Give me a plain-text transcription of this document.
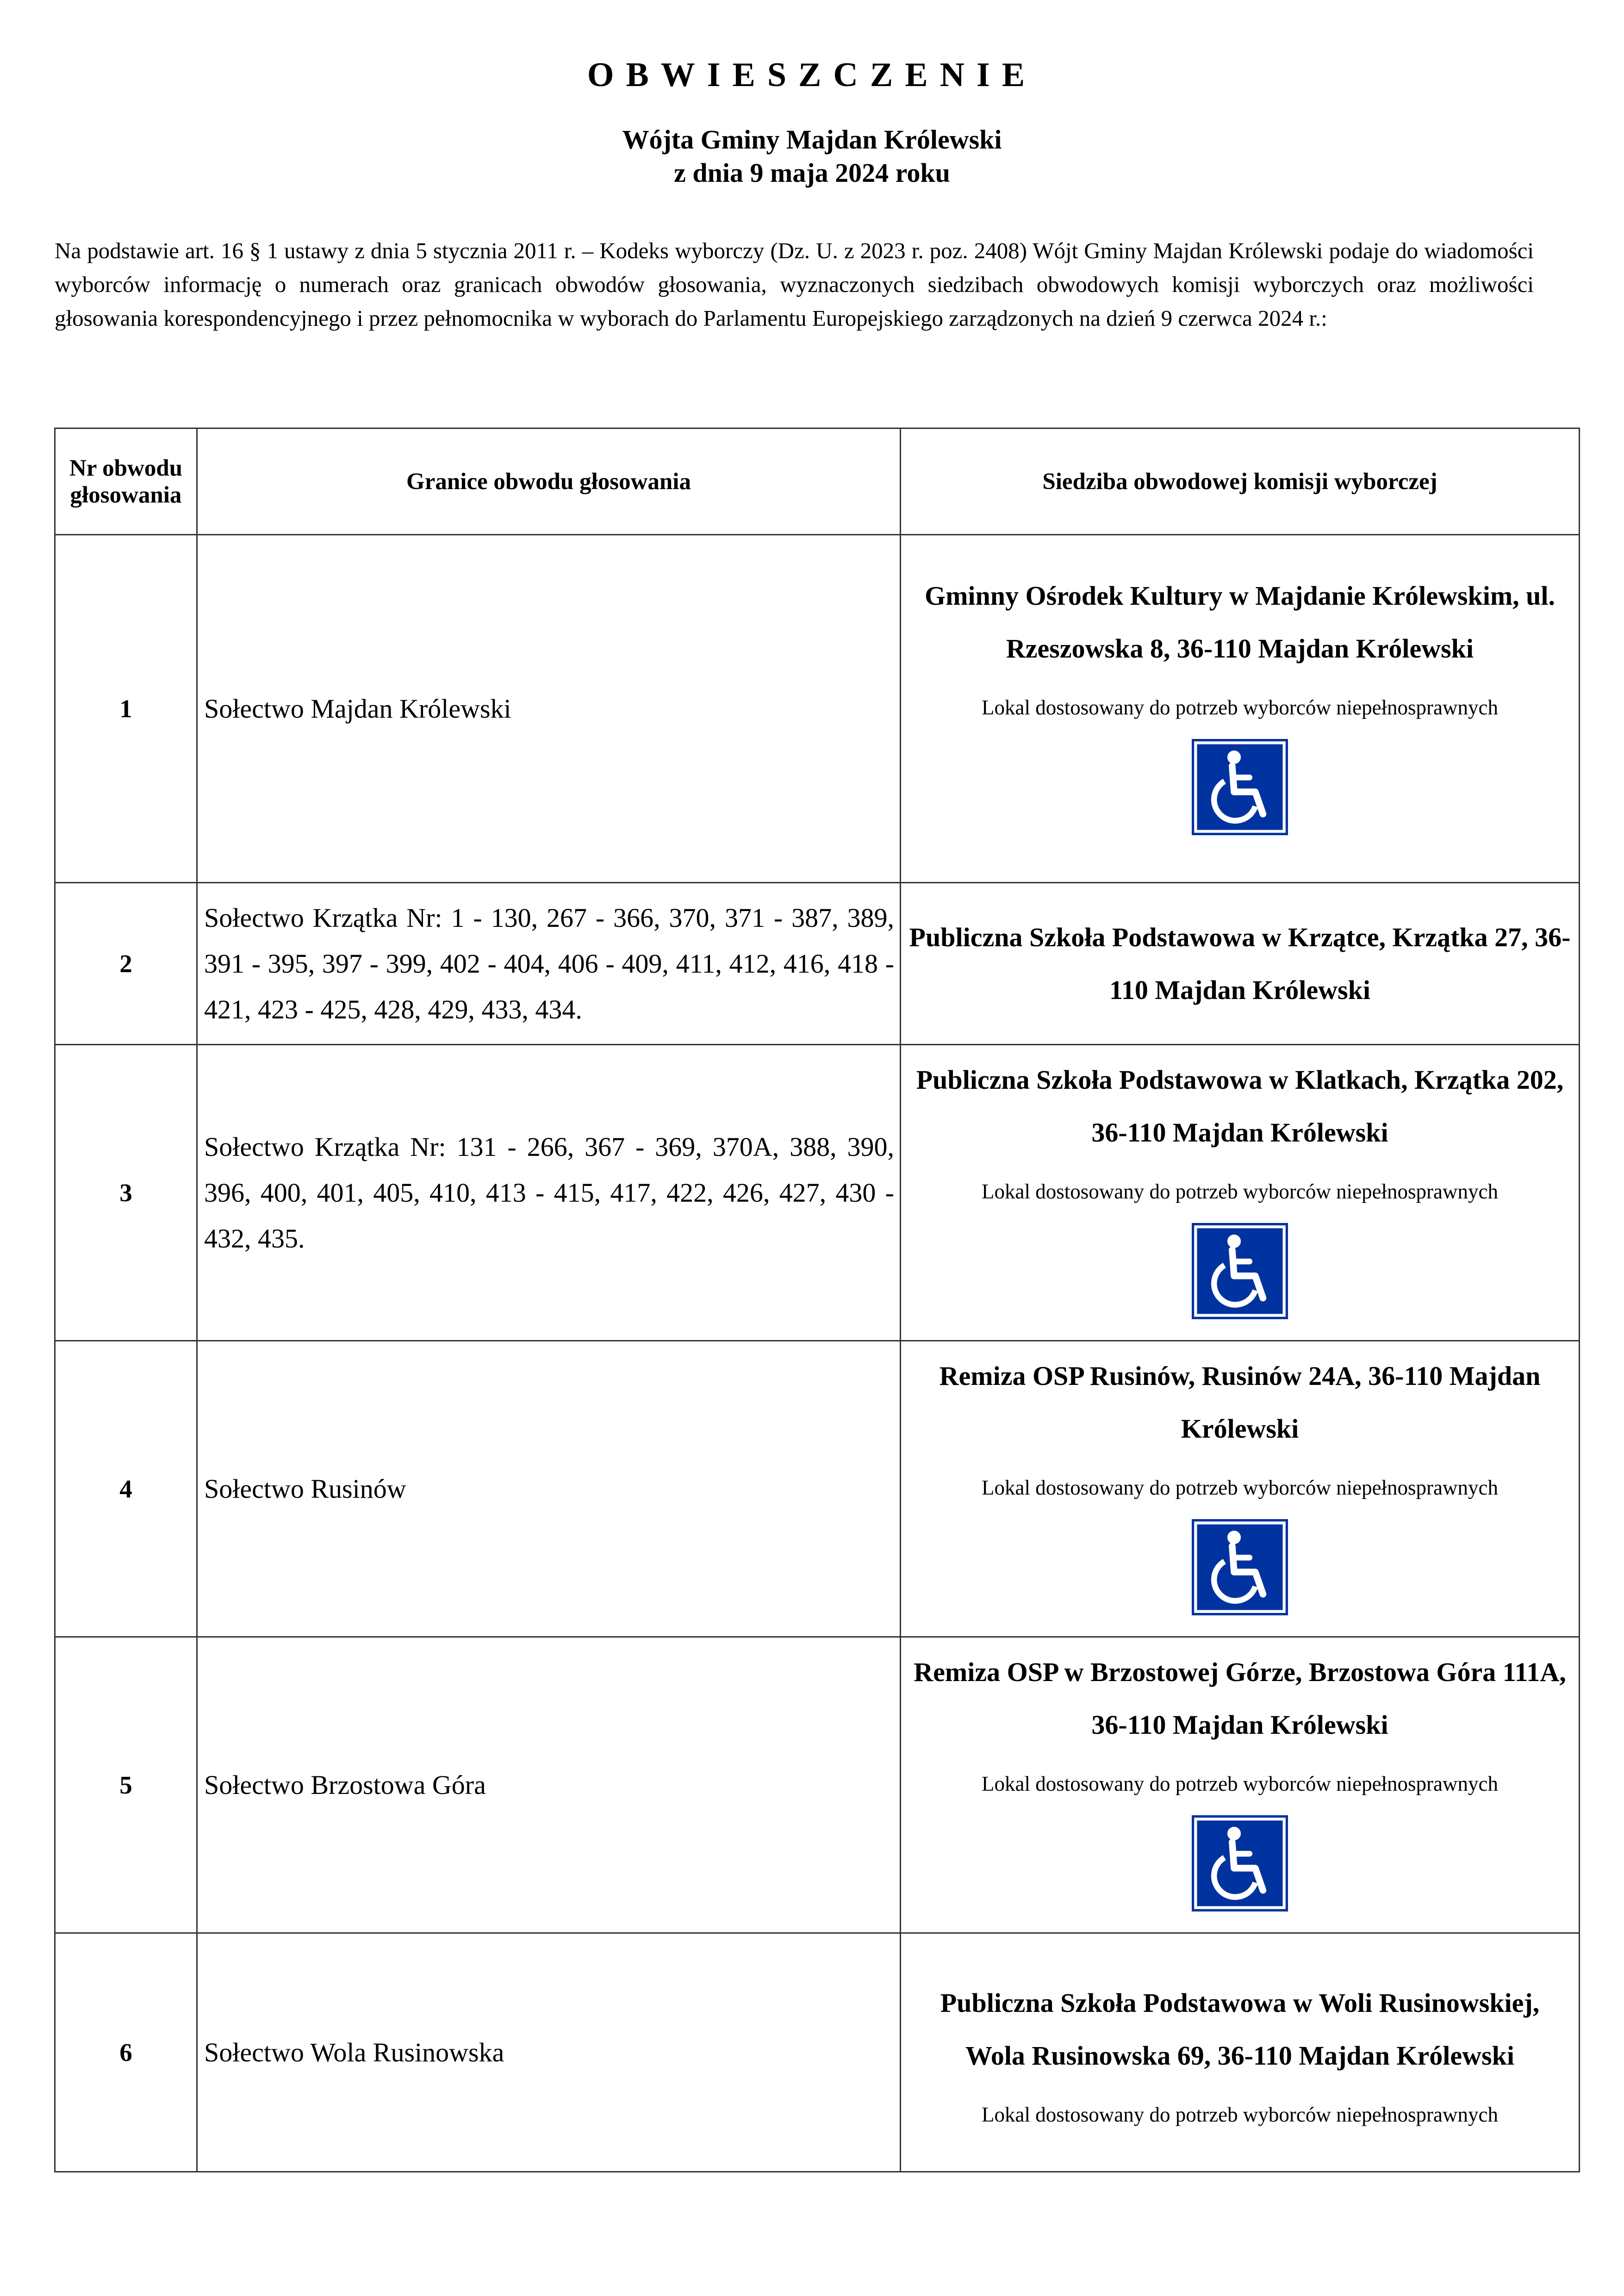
OBWIESZCZENIE
Wójta Gminy Majdan Królewski
z dnia 9 maja 2024 roku
Na podstawie art. 16 § 1 ustawy z dnia 5 stycznia 2011 r. – Kodeks wyborczy (Dz. U. z 2023 r. poz. 2408) Wójt Gminy Majdan Królewski podaje do wiadomości wyborców informację o numerach oraz granicach obwodów głosowania, wyznaczonych siedzibach obwodowych komisji wyborczych oraz możliwości głosowania korespondencyjnego i przez pełnomocnika w wyborach do Parlamentu Europejskiego zarządzonych na dzień 9 czerwca 2024 r.:
Nr obwodu głosowania	Granice obwodu głosowania	Siedziba obwodowej komisji wyborczej
1	Sołectwo Majdan Królewski	Gminny Ośrodek Kultury w Majdanie Królewskim, ul. Rzeszowska 8, 36-110 Majdan Królewski
Lokal dostosowany do potrzeb wyborców niepełnosprawnych

2	Sołectwo Krzątka Nr: 1 - 130, 267 - 366, 370, 371 - 387, 389, 391 - 395, 397 - 399, 402 - 404, 406 - 409, 411, 412, 416, 418 - 421, 423 - 425, 428, 429, 433, 434.	Publiczna Szkoła Podstawowa w Krzątce, Krzątka 27, 36-110 Majdan Królewski

3	Sołectwo Krzątka Nr: 131 - 266, 367 - 369, 370A, 388, 390, 396, 400, 401, 405, 410, 413 - 415, 417, 422, 426, 427, 430 - 432, 435.	Publiczna Szkoła Podstawowa w Klatkach, Krzątka 202, 36-110 Majdan Królewski
Lokal dostosowany do potrzeb wyborców niepełnosprawnych

4	Sołectwo Rusinów	Remiza OSP Rusinów, Rusinów 24A, 36-110 Majdan Królewski
Lokal dostosowany do potrzeb wyborców niepełnosprawnych

5	Sołectwo Brzostowa Góra	Remiza OSP w Brzostowej Górze, Brzostowa Góra 111A, 36-110 Majdan Królewski
Lokal dostosowany do potrzeb wyborców niepełnosprawnych

6	Sołectwo Wola Rusinowska	Publiczna Szkoła Podstawowa w Woli Rusinowskiej, Wola Rusinowska 69, 36-110 Majdan Królewski
Lokal dostosowany do potrzeb wyborców niepełnosprawnych
